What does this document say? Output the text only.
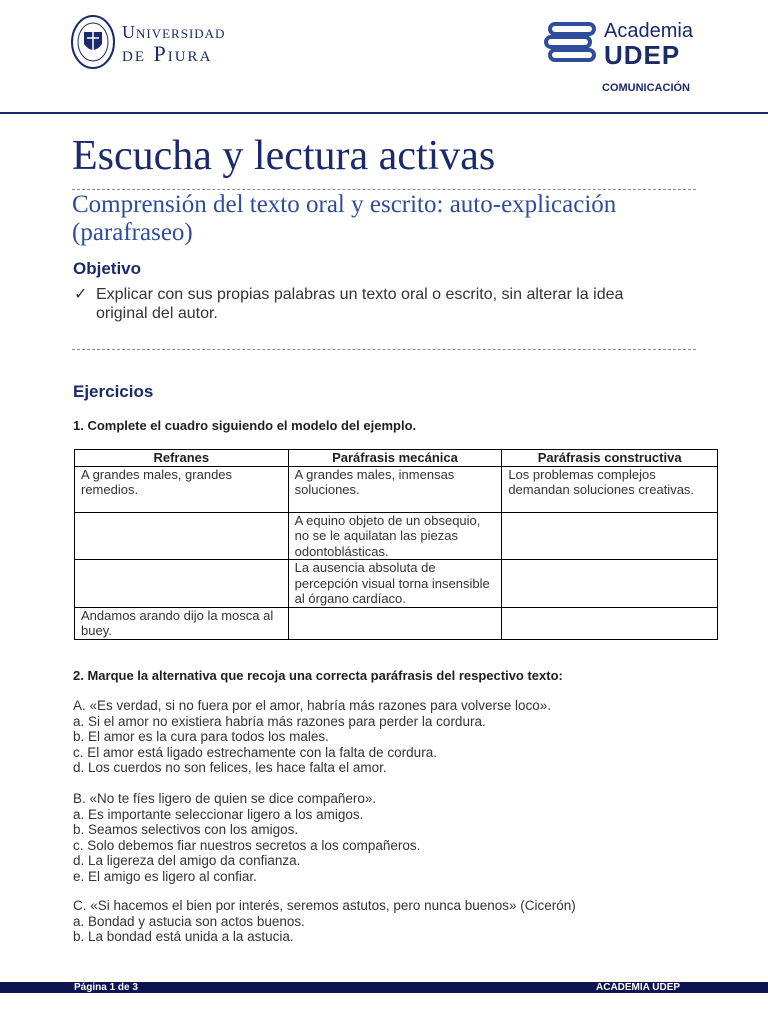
Universidad
de Piura
Academia
UDEP
COMUNICACIÓN
Escucha y lectura activas
Comprensión del texto oral y escrito: auto-explicación (parafraseo)
Objetivo
✓ Explicar con sus propias palabras un texto oral o escrito, sin alterar la idea original del autor.
Ejercicios
1. Complete el cuadro siguiendo el modelo del ejemplo.
Refranes	Paráfrasis mecánica	Paráfrasis constructiva
A grandes males, grandes remedios.	A grandes males, inmensas soluciones.	Los problemas complejos demandan soluciones creativas.
	A equino objeto de un obsequio, no se le aquilatan las piezas odontoblásticas.	
	La ausencia absoluta de percepción visual torna insensible al órgano cardíaco.	
Andamos arando dijo la mosca al buey.		
2. Marque la alternativa que recoja una correcta paráfrasis del respectivo texto:
A. «Es verdad, si no fuera por el amor, habría más razones para volverse loco».
a. Si el amor no existiera habría más razones para perder la cordura.
b. El amor es la cura para todos los males.
c. El amor está ligado estrechamente con la falta de cordura.
d. Los cuerdos no son felices, les hace falta el amor.
B. «No te fíes ligero de quien se dice compañero».
a. Es importante seleccionar ligero a los amigos.
b. Seamos selectivos con los amigos.
c. Solo debemos fiar nuestros secretos a los compañeros.
d. La ligereza del amigo da confianza.
e. El amigo es ligero al confiar.
C. «Si hacemos el bien por interés, seremos astutos, pero nunca buenos» (Cicerón)
a. Bondad y astucia son actos buenos.
b. La bondad está unida a la astucia.
Página 1 de 3	ACADEMIA UDEP
